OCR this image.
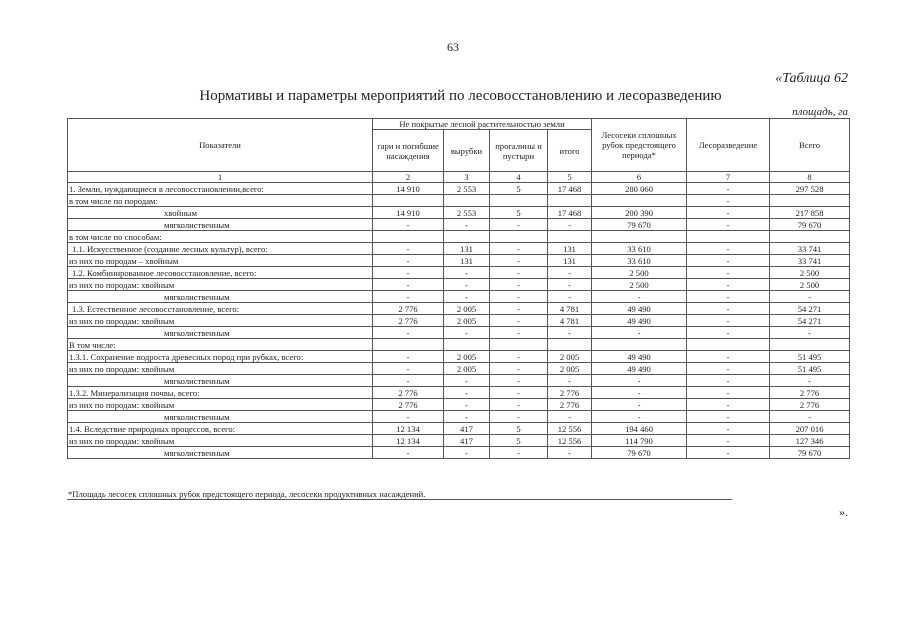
63
«Таблица 62
Нормативы и параметры мероприятий по лесовосстановлению и лесоразведению
площадь, га
Показатели	Не покрытые лесной растительностью земли				Лесосеки сплошных рубок предстоящего периода*	Лесоразведение	Всего
	гари и погибшие насаждения	вырубки	прогалины и пустыри	итого			
1	2	3	4	5	6	7	8
1. Земли, нуждающиеся в лесовосстановлении,всего:	14 910	2 553	5	17 468	280 060	-	297 528
в том числе по породам:						-	
хвойным	14 910	2 553	5	17 468	200 390	-	217 858
мягколиственным	-	-	-	-	79 670	-	79 670
в том числе по способам:							
1.1. Искусственное (создание лесных культур), всего:	-	131	-	131	33 610	-	33 741
из них по породам – хвойным	-	131	-	131	33 610	-	33 741
1.2. Комбинированное лесовосстановление, всего:	-	-	-	-	2 500	-	2 500
из них по породам: хвойным	-	-	-	-	2 500	-	2 500
мягколиственным	-	-	-	-	-	-	-
1.3. Естественное лесовосстановление, всего:	2 776	2 005	-	4 781	49 490	-	54 271
из них по породам: хвойным	2 776	2 005	-	4 781	49 490	-	54 271
мягколиственным	-	-	-	-	-	-	-
В том числе:							
1.3.1. Сохранение подроста древесных пород при рубках, всего:	-	2 005	-	2 005	49 490	-	51 495
из них по породам: хвойным	-	2 005	-	2 005	49 490	-	51 495
мягколиственным	-	-	-	-	-	-	-
1.3.2. Минерализация почвы, всего:	2 776	-	-	2 776	-	-	2 776
из них по породам: хвойным	2 776	-	-	2 776	-	-	2 776
мягколиственным	-	-	-	-	-	-	-
1.4. Вследствие природных процессов, всего:	12 134	417	5	12 556	194 460	-	207 016
из них по породам: хвойным	12 134	417	5	12 556	114 790	-	127 346
мягколиственным	-	-	-	-	79 670	-	79 670
*Площадь лесосек сплошных рубок предстоящего периода, лесосеки продуктивных насаждений.
».
